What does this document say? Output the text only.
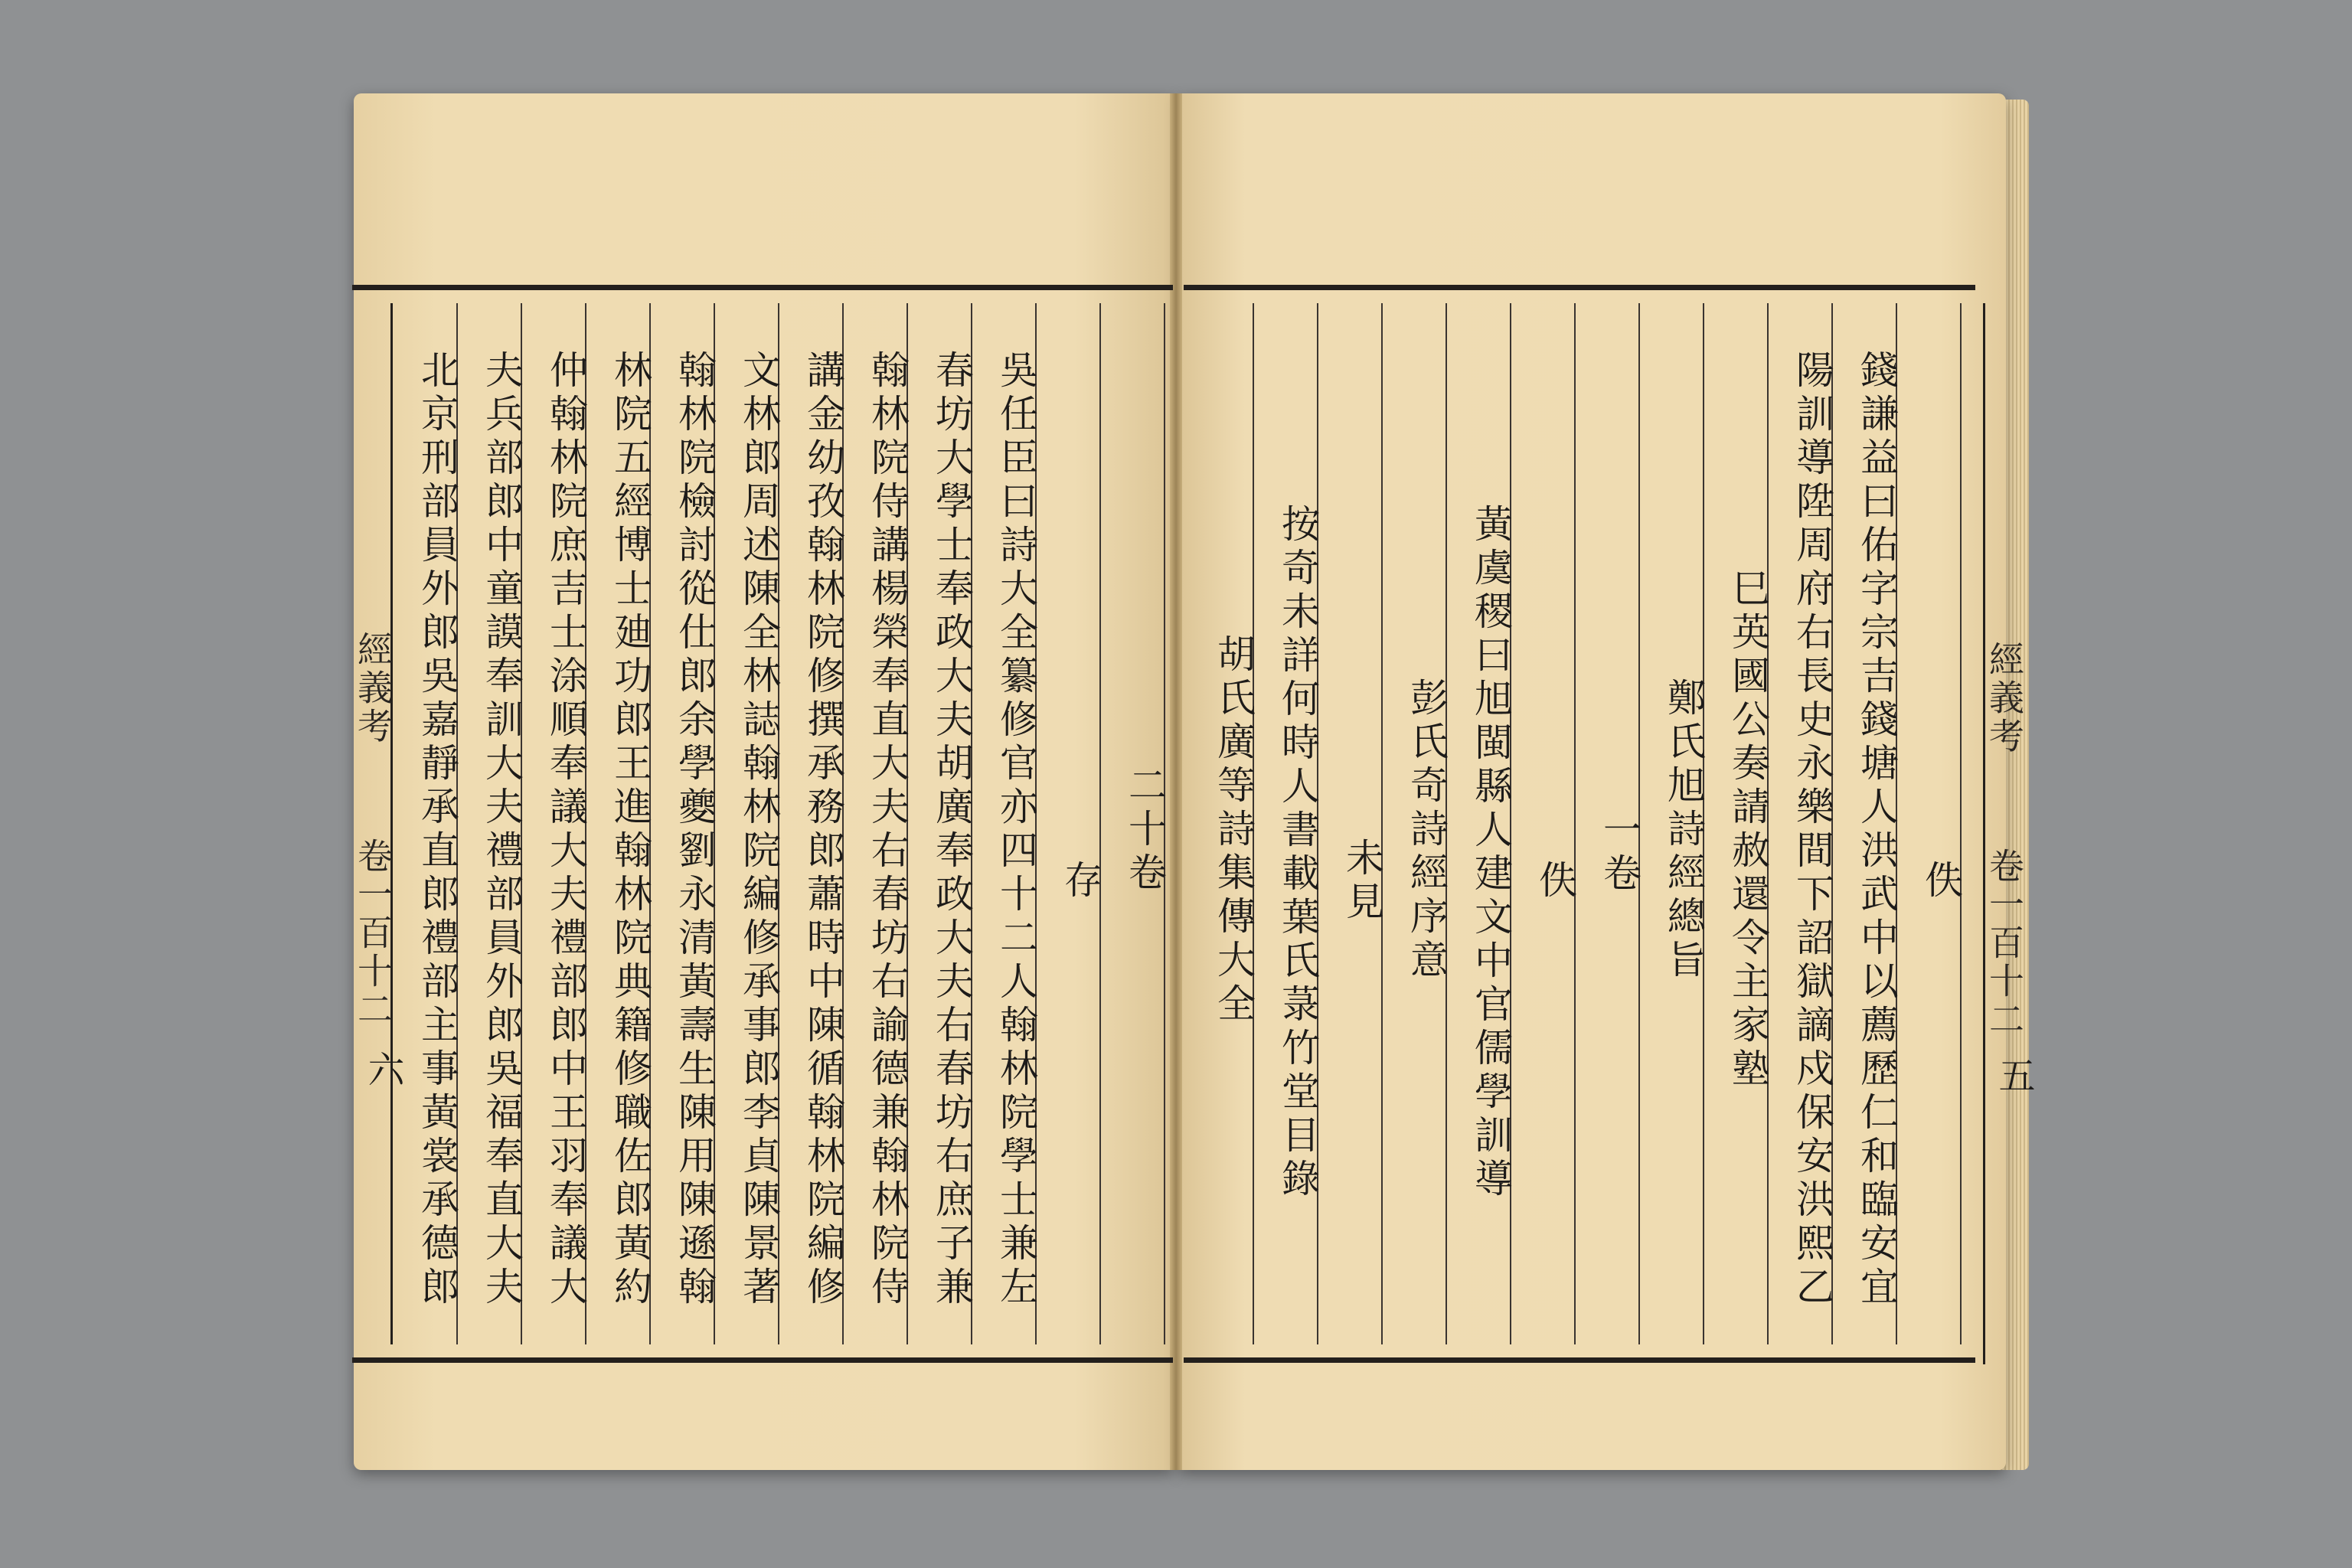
經義考
卷一百十二
六
二十卷
存
吳任臣曰詩大全纂修官亦四十二人翰林院學士兼左
春坊大學士奉政大夫胡廣奉政大夫右春坊右庶子兼
翰林院侍講楊榮奉直大夫右春坊右諭德兼翰林院侍
講金幼孜翰林院修撰承務郎蕭時中陳循翰林院編修
文林郎周述陳全林誌翰林院編修承事郎李貞陳景著
翰林院檢討從仕郎余學夔劉永清黃壽生陳用陳遜翰
林院五經博士廸功郎王進翰林院典籍修職佐郎黃約
仲翰林院庶吉士涂順奉議大夫禮部郎中王羽奉議大
夫兵部郎中童謨奉訓大夫禮部員外郎吳福奉直大夫
北京刑部員外郎吳嘉靜承直郎禮部主事黃裳承德郎	佚
錢謙益曰佑字宗吉錢塘人洪武中以薦歷仁和臨安宜
陽訓導陞周府右長史永樂間下詔獄謫戍保安洪熙乙
巳英國公奏請赦還令主家塾
鄭氏旭詩經總旨
一卷
佚
黃虞稷曰旭閩縣人建文中官儒學訓導
彭氏奇詩經序意
未見
按奇未詳何時人書載葉氏菉竹堂目錄
胡氏廣等詩集傳大全	經義考
卷一百十二
五
